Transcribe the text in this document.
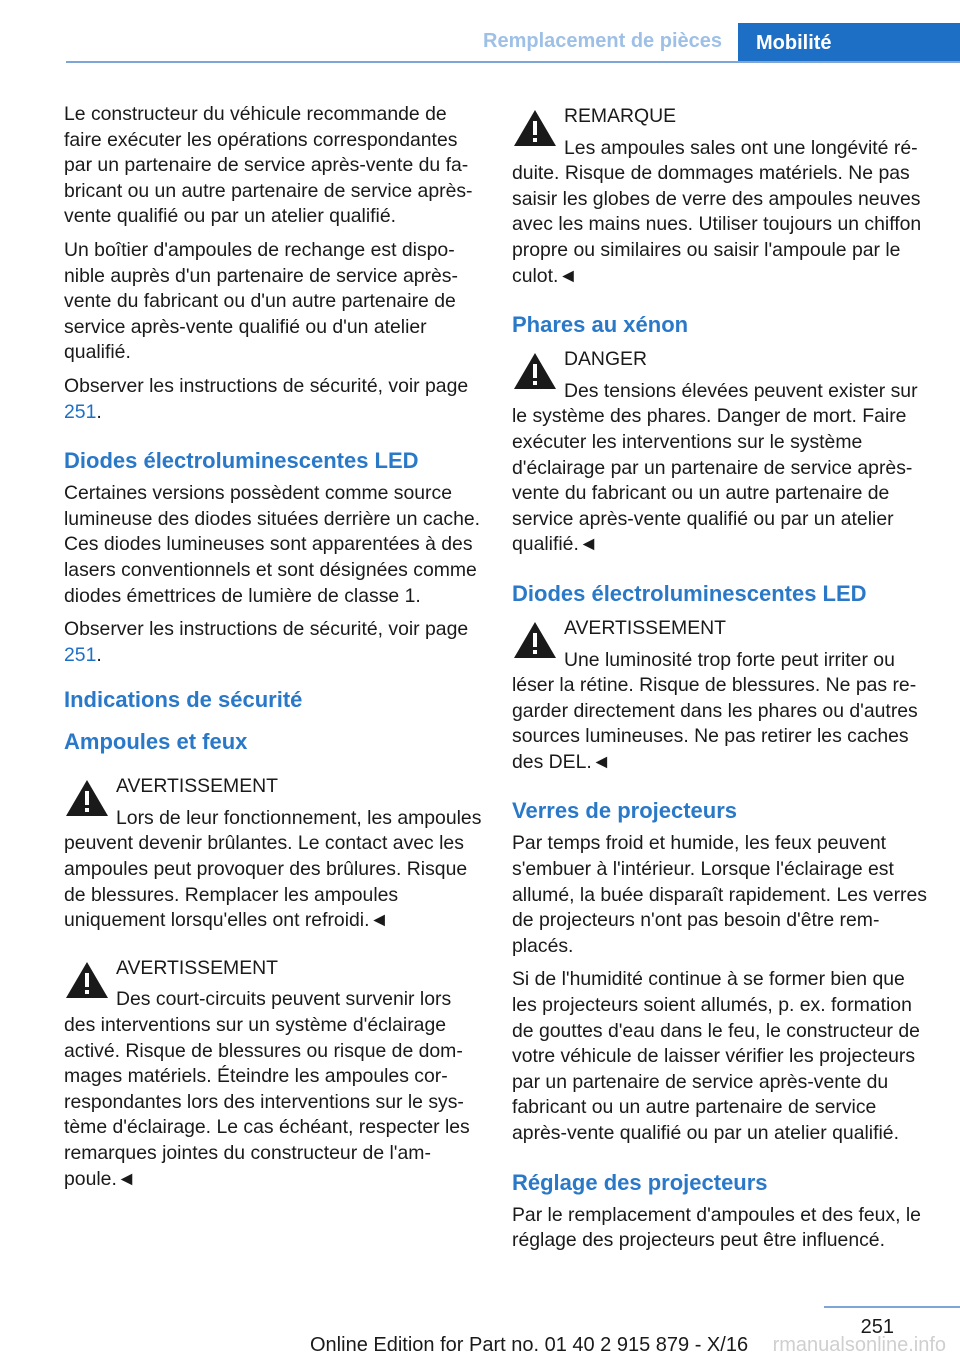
Remplacement de pièces	Mobilité

Le constructeur du véhicule recommande de faire exécuter les opérations correspondantes par un partenaire de service après-vente du fabricant ou un autre partenaire de service après-vente qualifié ou par un atelier qualifié.

Un boîtier d'ampoules de rechange est disponible auprès d'un partenaire de service après-vente du fabricant ou d'un autre partenaire de service après-vente qualifié ou d'un atelier qualifié.

Observer les instructions de sécurité, voir page 251.

Diodes électroluminescentes LED

Certaines versions possèdent comme source lumineuse des diodes situées derrière un cache. Ces diodes lumineuses sont apparentées à des lasers conventionnels et sont désignées comme diodes émettrices de lumière de classe 1.

Observer les instructions de sécurité, voir page 251.

Indications de sécurité
Ampoules et feux
AVERTISSEMENT
Lors de leur fonctionnement, les ampoules peuvent devenir brûlantes. Le contact avec les ampoules peut provoquer des brûlures. Risque de blessures. Remplacer les ampoules uniquement lorsqu'elles ont refroidi.◄
AVERTISSEMENT
Des court-circuits peuvent survenir lors des interventions sur un système d'éclairage activé. Risque de blessures ou risque de dommages matériels. Éteindre les ampoules correspondantes lors des interventions sur le système d'éclairage. Le cas échéant, respecter les remarques jointes du constructeur de l'ampoule.◄
REMARQUE
Les ampoules sales ont une longévité réduite. Risque de dommages matériels. Ne pas saisir les globes de verre des ampoules neuves avec les mains nues. Utiliser toujours un chiffon propre ou similaires ou saisir l'ampoule par le culot.◄
Phares au xénon
DANGER
Des tensions élevées peuvent exister sur le système des phares. Danger de mort. Faire exécuter les interventions sur le système d'éclairage par un partenaire de service après-vente du fabricant ou un autre partenaire de service après-vente qualifié ou par un atelier qualifié.◄
Diodes électroluminescentes LED
AVERTISSEMENT
Une luminosité trop forte peut irriter ou léser la rétine. Risque de blessures. Ne pas regarder directement dans les phares ou d'autres sources lumineuses. Ne pas retirer les caches des DEL.◄
Verres de projecteurs

Par temps froid et humide, les feux peuvent s'embuer à l'intérieur. Lorsque l'éclairage est allumé, la buée disparaît rapidement. Les verres de projecteurs n'ont pas besoin d'être remplacés.

Si de l'humidité continue à se former bien que les projecteurs soient allumés, p. ex. formation de gouttes d'eau dans le feu, le constructeur de votre véhicule de laisser vérifier les projecteurs par un partenaire de service après-vente du fabricant ou un autre partenaire de service après-vente qualifié ou par un atelier qualifié.

Réglage des projecteurs

Par le remplacement d'ampoules et des feux, le réglage des projecteurs peut être influencé.

251
Online Edition for Part no. 01 40 2 915 879 - X/16 rmanualsonline.info
